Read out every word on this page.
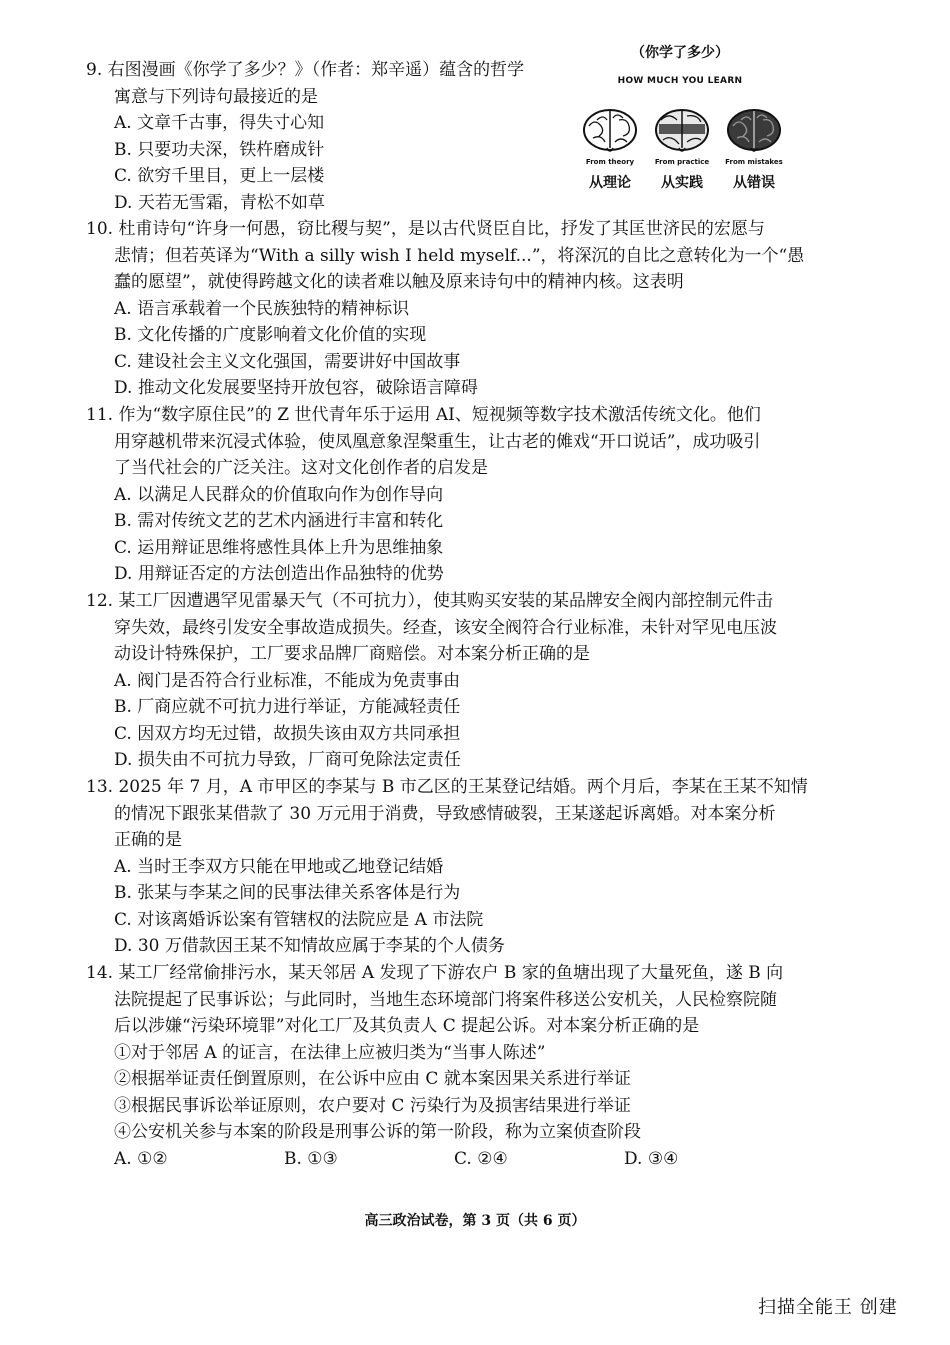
（你学了多少）
HOW MUCH YOU LEARN
From theory
从理论
From practice
从实践
From mistakes
从错误
9. 右图漫画《你学了多少？》（作者：郑辛遥）蕴含的哲学
寓意与下列诗句最接近的是
A. 文章千古事，得失寸心知
B. 只要功夫深，铁杵磨成针
C. 欲穷千里目，更上一层楼
D. 天若无雪霜，青松不如草
10. 杜甫诗句“许身一何愚，窃比稷与契”，是以古代贤臣自比，抒发了其匡世济民的宏愿与
悲情；但若英译为“With a silly wish I held myself...”，将深沉的自比之意转化为一个“愚
蠢的愿望”，就使得跨越文化的读者难以触及原来诗句中的精神内核。这表明
A. 语言承载着一个民族独特的精神标识
B. 文化传播的广度影响着文化价值的实现
C. 建设社会主义文化强国，需要讲好中国故事
D. 推动文化发展要坚持开放包容，破除语言障碍
11. 作为“数字原住民”的 Z 世代青年乐于运用 AI、短视频等数字技术激活传统文化。他们
用穿越机带来沉浸式体验，使凤凰意象涅槃重生，让古老的傩戏“开口说话”，成功吸引
了当代社会的广泛关注。这对文化创作者的启发是
A. 以满足人民群众的价值取向作为创作导向
B. 需对传统文艺的艺术内涵进行丰富和转化
C. 运用辩证思维将感性具体上升为思维抽象
D. 用辩证否定的方法创造出作品独特的优势
12. 某工厂因遭遇罕见雷暴天气（不可抗力），使其购买安装的某品牌安全阀内部控制元件击
穿失效，最终引发安全事故造成损失。经查，该安全阀符合行业标准，未针对罕见电压波
动设计特殊保护，工厂要求品牌厂商赔偿。对本案分析正确的是
A. 阀门是否符合行业标准，不能成为免责事由
B. 厂商应就不可抗力进行举证，方能减轻责任
C. 因双方均无过错，故损失该由双方共同承担
D. 损失由不可抗力导致，厂商可免除法定责任
13. 2025 年 7 月，A 市甲区的李某与 B 市乙区的王某登记结婚。两个月后，李某在王某不知情
的情况下跟张某借款了 30 万元用于消费，导致感情破裂，王某遂起诉离婚。对本案分析
正确的是
A. 当时王李双方只能在甲地或乙地登记结婚
B. 张某与李某之间的民事法律关系客体是行为
C. 对该离婚诉讼案有管辖权的法院应是 A 市法院
D. 30 万借款因王某不知情故应属于李某的个人债务
14. 某工厂经常偷排污水，某天邻居 A 发现了下游农户 B 家的鱼塘出现了大量死鱼，遂 B 向
法院提起了民事诉讼；与此同时，当地生态环境部门将案件移送公安机关，人民检察院随
后以涉嫌“污染环境罪”对化工厂及其负责人 C 提起公诉。对本案分析正确的是
①对于邻居 A 的证言，在法律上应被归类为“当事人陈述”
②根据举证责任倒置原则，在公诉中应由 C 就本案因果关系进行举证
③根据民事诉讼举证原则，农户要对 C 污染行为及损害结果进行举证
④公安机关参与本案的阶段是刑事公诉的第一阶段，称为立案侦查阶段
A. ①②	B. ①③	C. ②④	D. ③④
高三政治试卷，第 3 页（共 6 页）
扫描全能王 创建
